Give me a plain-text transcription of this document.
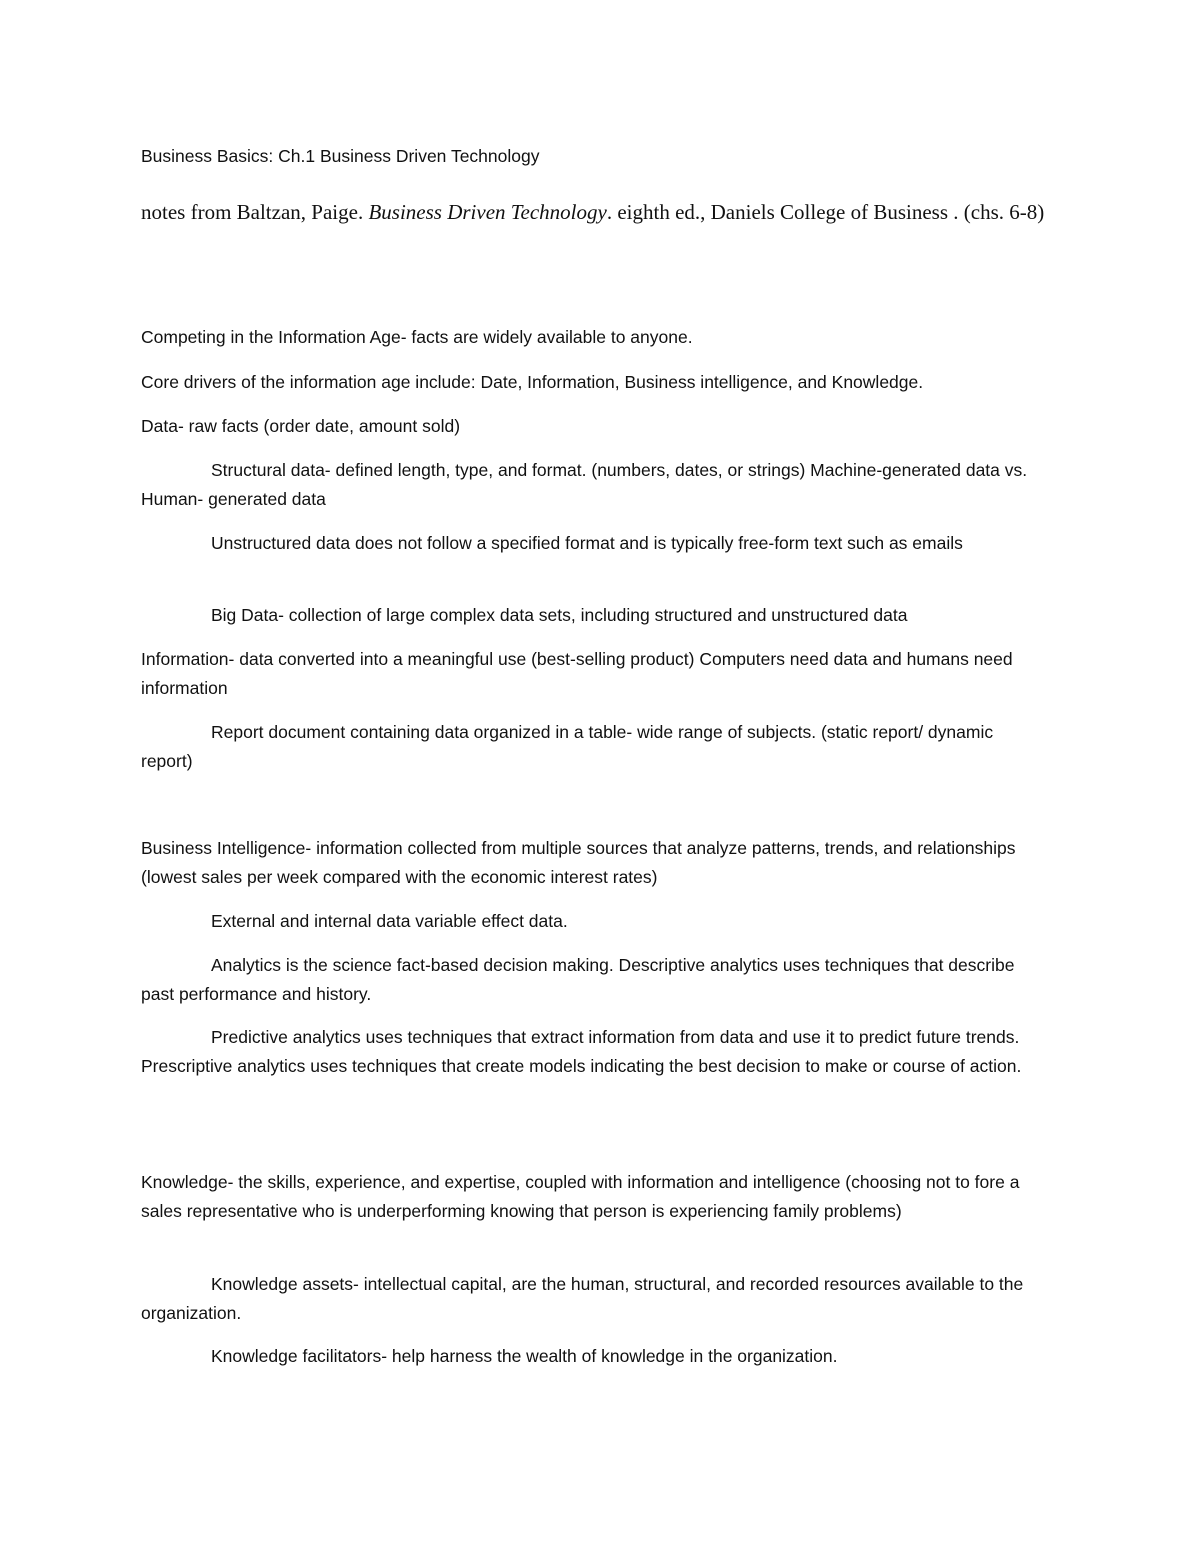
Business Basics: Ch.1 Business Driven Technology

notes from Baltzan, Paige. Business Driven Technology. eighth ed., Daniels College of Business . (chs. 6-8)

Competing in the Information Age- facts are widely available to anyone.

Core drivers of the information age include: Date, Information, Business intelligence, and Knowledge.

Data- raw facts (order date, amount sold)

Structural data- defined length, type, and format. (numbers, dates, or strings) Machine-generated data vs. Human- generated data

Unstructured data does not follow a specified format and is typically free-form text such as emails

Big Data- collection of large complex data sets, including structured and unstructured data

Information- data converted into a meaningful use (best-selling product) Computers need data and humans need information

Report document containing data organized in a table- wide range of subjects. (static report/ dynamic report)

Business Intelligence- information collected from multiple sources that analyze patterns, trends, and relationships (lowest sales per week compared with the economic interest rates)

External and internal data variable effect data.

Analytics is the science fact-based decision making. Descriptive analytics uses techniques that describe past performance and history.

Predictive analytics uses techniques that extract information from data and use it to predict future trends. Prescriptive analytics uses techniques that create models indicating the best decision to make or course of action.

Knowledge- the skills, experience, and expertise, coupled with information and intelligence (choosing not to fore a sales representative who is underperforming knowing that person is experiencing family problems)

Knowledge assets- intellectual capital, are the human, structural, and recorded resources available to the organization.

Knowledge facilitators- help harness the wealth of knowledge in the organization.
